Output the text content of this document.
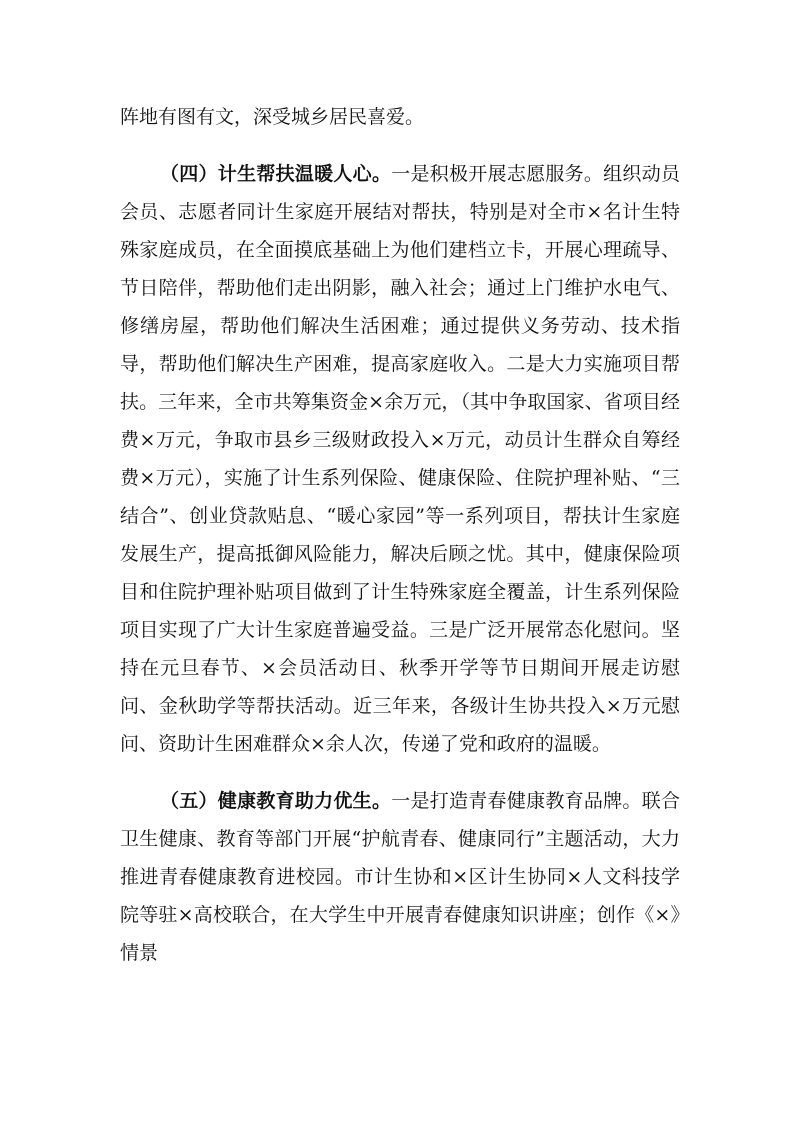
阵地有图有文，深受城乡居民喜爱。

（四）计生帮扶温暖人心。一是积极开展志愿服务。组织动员会员、志愿者同计生家庭开展结对帮扶，特别是对全市×名计生特殊家庭成员，在全面摸底基础上为他们建档立卡，开展心理疏导、节日陪伴，帮助他们走出阴影，融入社会；通过上门维护水电气、修缮房屋，帮助他们解决生活困难；通过提供义务劳动、技术指导，帮助他们解决生产困难，提高家庭收入。二是大力实施项目帮扶。三年来，全市共筹集资金×余万元，（其中争取国家、省项目经费×万元，争取市县乡三级财政投入×万元，动员计生群众自筹经费×万元），实施了计生系列保险、健康保险、住院护理补贴、“三结合”、创业贷款贴息、“暖心家园”等一系列项目，帮扶计生家庭发展生产，提高抵御风险能力，解决后顾之忧。其中，健康保险项目和住院护理补贴项目做到了计生特殊家庭全覆盖，计生系列保险项目实现了广大计生家庭普遍受益。三是广泛开展常态化慰问。坚持在元旦春节、×会员活动日、秋季开学等节日期间开展走访慰问、金秋助学等帮扶活动。近三年来，各级计生协共投入×万元慰问、资助计生困难群众×余人次，传递了党和政府的温暖。

（五）健康教育助力优生。一是打造青春健康教育品牌。联合卫生健康、教育等部门开展“护航青春、健康同行”主题活动，大力推进青春健康教育进校园。市计生协和×区计生协同×人文科技学院等驻×高校联合，在大学生中开展青春健康知识讲座；创作《×》情景
